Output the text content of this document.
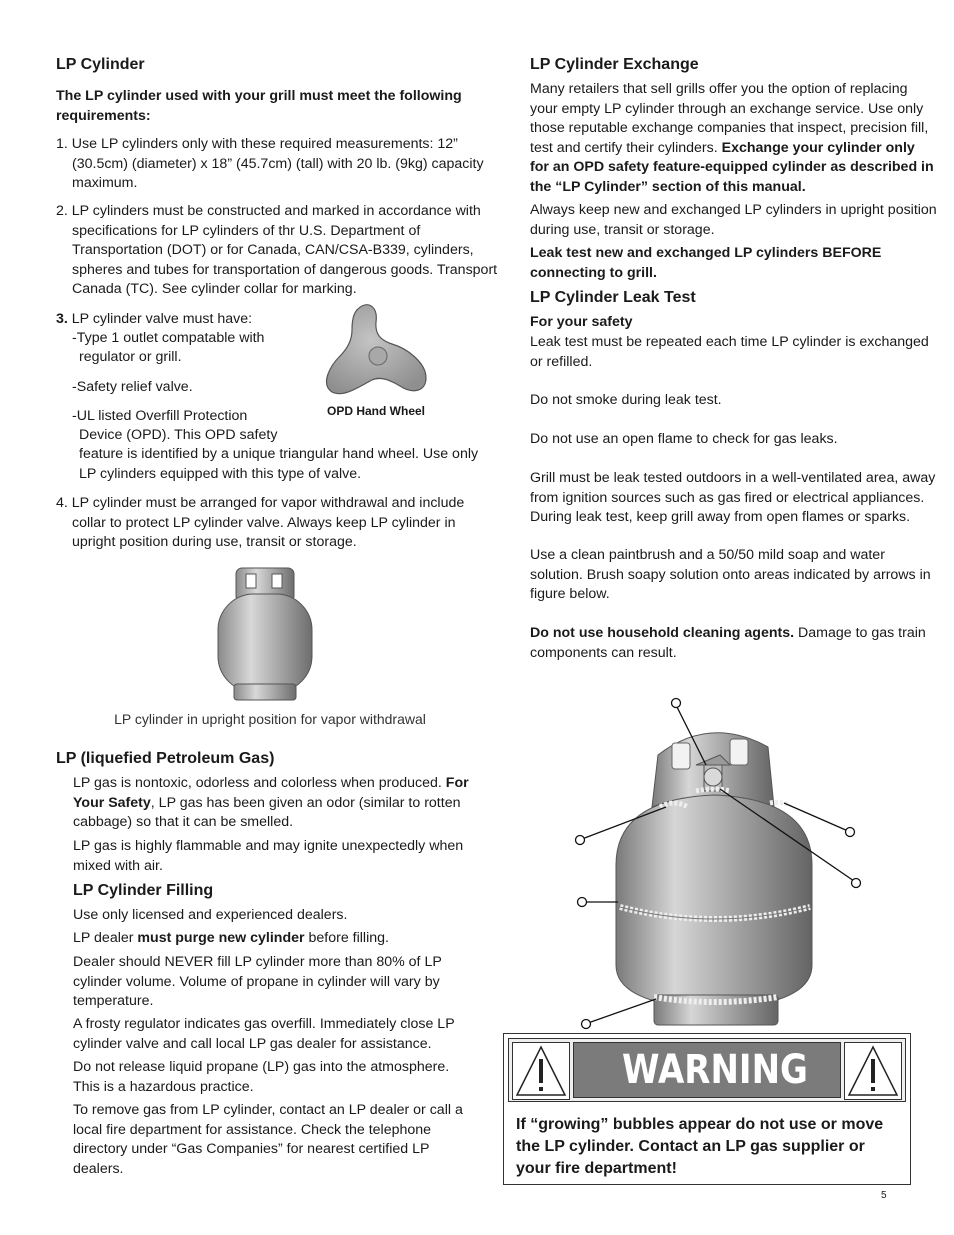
LP Cylinder
The LP cylinder used with your grill must meet the following requirements:
1. Use LP cylinders only with these required measurements: 12” (30.5cm) (diameter) x 18” (45.7cm) (tall) with 20 lb. (9kg) capacity maximum.
2. LP cylinders must be constructed and marked in accordance with specifications for LP cylinders of thr U.S. Department of Transportation (DOT) or for Canada, CAN/CSA-B339, cylinders, spheres and tubes for transportation of dangerous goods. Transport Canada (TC). See cylinder collar for marking.
3. LP cylinder valve must have:
-Type 1 outlet compatable with
regulator or grill.
-Safety relief valve.
-UL listed Overfill Protection
Device (OPD). This OPD safety
feature is identified by a unique triangular hand wheel. Use only LP cylinders equipped with this type of valve.
OPD Hand Wheel
4. LP cylinder must be arranged for vapor withdrawal and include collar to protect LP cylinder valve. Always keep LP cylinder in upright position during use, transit or storage.
LP cylinder in upright position for vapor withdrawal
LP (liquefied Petroleum Gas)
LP gas is nontoxic, odorless and colorless when produced. For Your Safety, LP gas has been given an odor (similar to rotten cabbage) so that it can be smelled.
LP gas is highly flammable and may ignite unexpectedly when mixed with air.
LP Cylinder Filling
Use only licensed and experienced dealers.
LP dealer must purge new cylinder before filling.
Dealer should NEVER fill LP cylinder more than 80% of LP cylinder volume. Volume of propane in cylinder will vary by temperature.
A frosty regulator indicates gas overfill. Immediately close LP cylinder valve and call local LP gas dealer for assistance.
Do not release liquid propane (LP) gas into the atmosphere. This is a hazardous practice.
To remove gas from LP cylinder, contact an LP dealer or call a local fire department for assistance. Check the telephone directory under “Gas Companies” for nearest certified LP dealers.
LP Cylinder Exchange
Many retailers that sell grills offer you the option of replacing your empty LP cylinder through an exchange service. Use only those reputable exchange companies that inspect, precision fill, test and certify their cylinders. Exchange your cylinder only for an OPD safety feature-equipped cylinder as described in the “LP Cylinder” section of this manual.
Always keep new and exchanged LP cylinders in upright position during use, transit or storage.
Leak test new and exchanged LP cylinders BEFORE connecting to grill.
LP Cylinder Leak Test
For your safety
Leak test must be repeated each time LP cylinder is exchanged or refilled.
Do not smoke during leak test.
Do not use an open flame to check for gas leaks.
Grill must be leak tested outdoors in a well-ventilated area, away from ignition sources such as gas fired or electrical appliances. During leak test, keep grill away from open flames or sparks.
Use a clean paintbrush and a 50/50 mild soap and water solution. Brush soapy solution onto areas indicated by arrows in figure below.
Do not use household cleaning agents. Damage to gas train components can result.
WARNING
If “growing” bubbles appear do not use or move the LP cylinder. Contact an LP gas supplier or your fire department!
5
